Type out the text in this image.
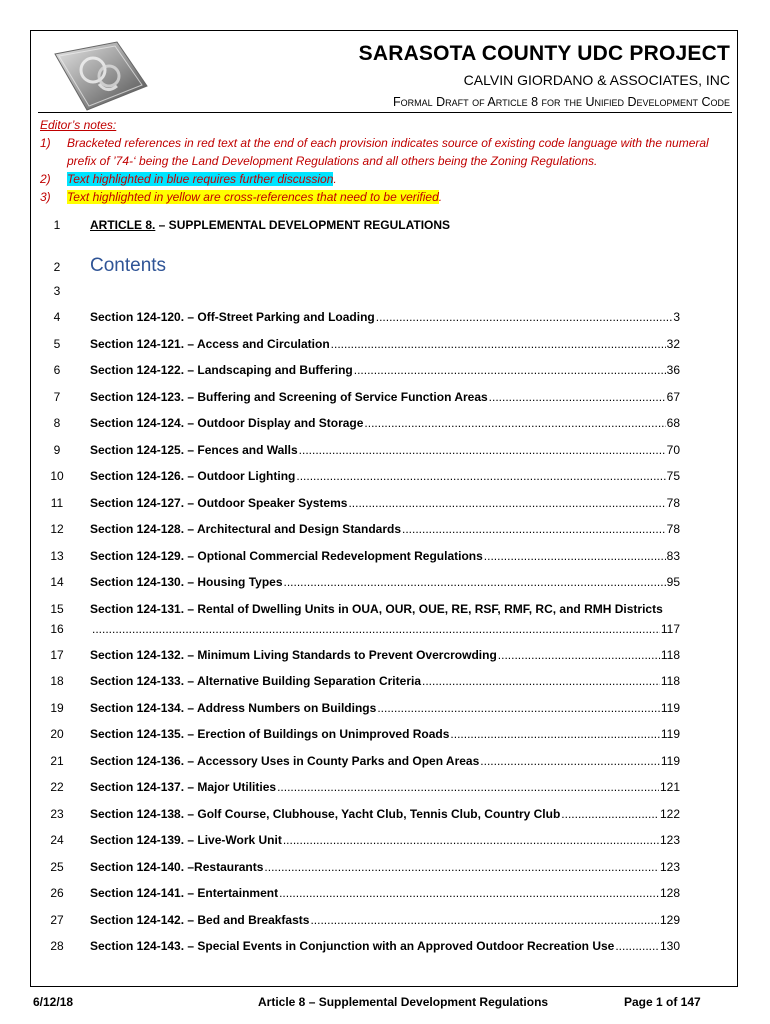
SARASOTA COUNTY UDC PROJECT
CALVIN GIORDANO & ASSOCIATES, INC
Formal Draft of Article 8 for the Unified Development Code
Editor’s notes:
1)	Bracketed references in red text at the end of each provision indicates source of existing code language with the numeral prefix of ’74-‘ being the Land Development Regulations and all others being the Zoning Regulations.
2)	Text highlighted in blue requires further discussion.
3)	Text highlighted in yellow are cross-references that need to be verified.
1	ARTICLE 8. – SUPPLEMENTAL DEVELOPMENT REGULATIONS
2	Contents
3
4	Section 124-120. – Off-Street Parking and Loading .....	3
5	Section 124-121. – Access and Circulation .....	32
6	Section 124-122. – Landscaping and Buffering .....	36
7	Section 124-123. – Buffering and Screening of Service Function Areas .....	67
8	Section 124-124. – Outdoor Display and Storage .....	68
9	Section 124-125. – Fences and Walls .....	70
10	Section 124-126. – Outdoor Lighting .....	75
11	Section 124-127. – Outdoor Speaker Systems .....	78
12	Section 124-128. – Architectural and Design Standards .....	78
13	Section 124-129. – Optional Commercial Redevelopment Regulations .....	83
14	Section 124-130. – Housing Types .....	95
15	Section 124-131. – Rental of Dwelling Units in OUA, OUR, OUE, RE, RSF, RMF, RC, and RMH Districts
16 .....	117
17	Section 124-132. – Minimum Living Standards to Prevent Overcrowding .....	118
18	Section 124-133. – Alternative Building Separation Criteria .....	118
19	Section 124-134. – Address Numbers on Buildings .....	119
20	Section 124-135. – Erection of Buildings on Unimproved Roads .....	119
21	Section 124-136. – Accessory Uses in County Parks and Open Areas .....	119
22	Section 124-137. – Major Utilities .....	121
23	Section 124-138. – Golf Course, Clubhouse, Yacht Club, Tennis Club, Country Club .....	122
24	Section 124-139. – Live-Work Unit .....	123
25	Section 124-140. –Restaurants .....	123
26	Section 124-141. – Entertainment .....	128
27	Section 124-142. – Bed and Breakfasts .....	129
28	Section 124-143. – Special Events in Conjunction with an Approved Outdoor Recreation Use .....	130
6/12/18	Article 8 – Supplemental Development Regulations	Page 1 of 147
